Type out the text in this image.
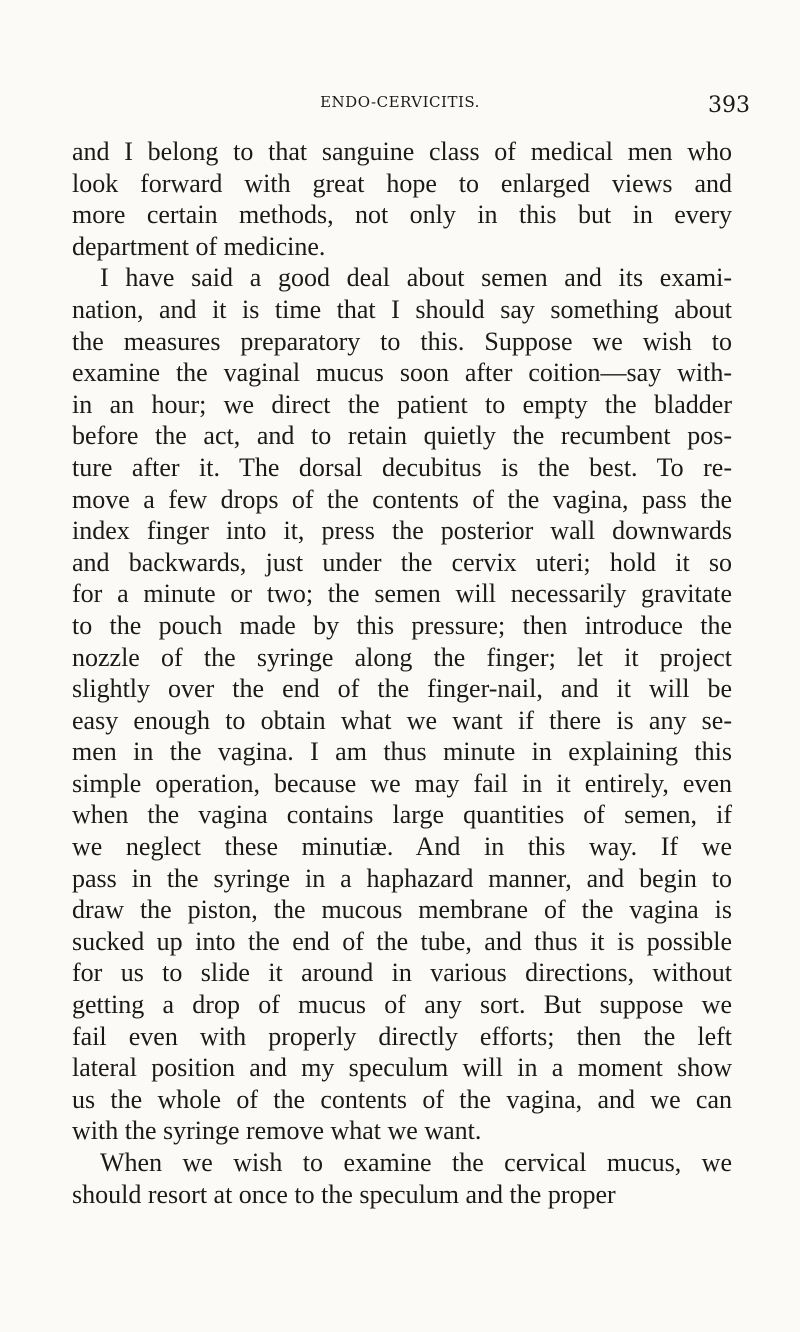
ENDO-CERVICITIS.	393
and I belong to that sanguine class of medical men who
look forward with great hope to enlarged views and
more certain methods, not only in this but in every
department of medicine.
I have said a good deal about semen and its exami-
nation, and it is time that I should say something about
the measures preparatory to this. Suppose we wish to
examine the vaginal mucus soon after coition—say with-
in an hour; we direct the patient to empty the bladder
before the act, and to retain quietly the recumbent pos-
ture after it. The dorsal decubitus is the best. To re-
move a few drops of the contents of the vagina, pass the
index finger into it, press the posterior wall downwards
and backwards, just under the cervix uteri; hold it so
for a minute or two; the semen will necessarily gravitate
to the pouch made by this pressure; then introduce the
nozzle of the syringe along the finger; let it project
slightly over the end of the finger-nail, and it will be
easy enough to obtain what we want if there is any se-
men in the vagina. I am thus minute in explaining this
simple operation, because we may fail in it entirely, even
when the vagina contains large quantities of semen, if
we neglect these minutiæ. And in this way. If we
pass in the syringe in a haphazard manner, and begin to
draw the piston, the mucous membrane of the vagina is
sucked up into the end of the tube, and thus it is possible
for us to slide it around in various directions, without
getting a drop of mucus of any sort. But suppose we
fail even with properly directly efforts; then the left
lateral position and my speculum will in a moment show
us the whole of the contents of the vagina, and we can
with the syringe remove what we want.
When we wish to examine the cervical mucus, we
should resort at once to the speculum and the proper
